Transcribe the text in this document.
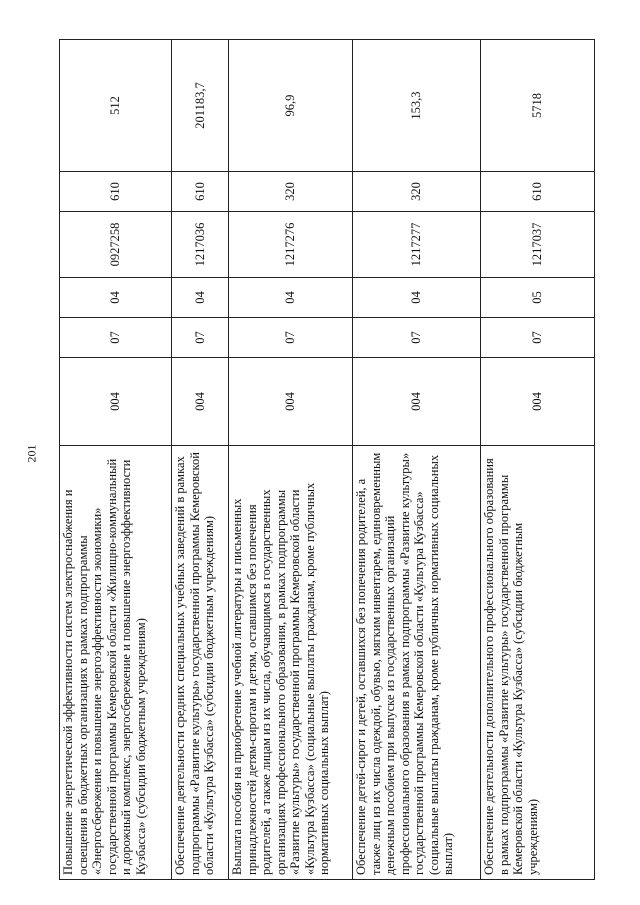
201
Повышение энергетической эффективности систем электроснабжения и освещения в бюджетных организациях в рамках подпрограммы «Энергосбережение и повышение энергоэффективности экономики» государственной программы Кемеровской области «Жилищно-коммунальный и дорожный комплекс, энергосбережение и повышение энергоэффективности Кузбасса» (субсидии бюджетным учреждениям)	004	07	04	0927258	610	512
Обеспечение деятельности средних специальных учебных заведений в рамках подпрограммы «Развитие культуры» государственной программы Кемеровской области «Культура Кузбасса» (субсидии бюджетным учреждениям)	004	07	04	1217036	610	201183,7
Выплата пособия на приобретение учебной литературы и письменных принадлежностей детям-сиротам и детям, оставшимся без попечения родителей, а также лицам из их числа, обучающимся в государственных организациях профессионального образования, в рамках подпрограммы «Развитие культуры» государственной программы Кемеровской области «Культура Кузбасса» (социальные выплаты гражданам, кроме публичных нормативных социальных выплат)	004	07	04	1217276	320	96,9
Обеспечение детей-сирот и детей, оставшихся без попечения родителей, а также лиц из их числа одеждой, обувью, мягким инвентарем, единовременным денежным пособием при выпуске из государственных организаций профессионального образования в рамках подпрограммы «Развитие культуры» государственной программы Кемеровской области «Культура Кузбасса» (социальные выплаты гражданам, кроме публичных нормативных социальных выплат)	004	07	04	1217277	320	153,3
Обеспечение деятельности дополнительного профессионального образования в рамках подпрограммы «Развитие культуры» государственной программы Кемеровской области «Культура Кузбасса» (субсидии бюджетным учреждениям)	004	07	05	1217037	610	5718
